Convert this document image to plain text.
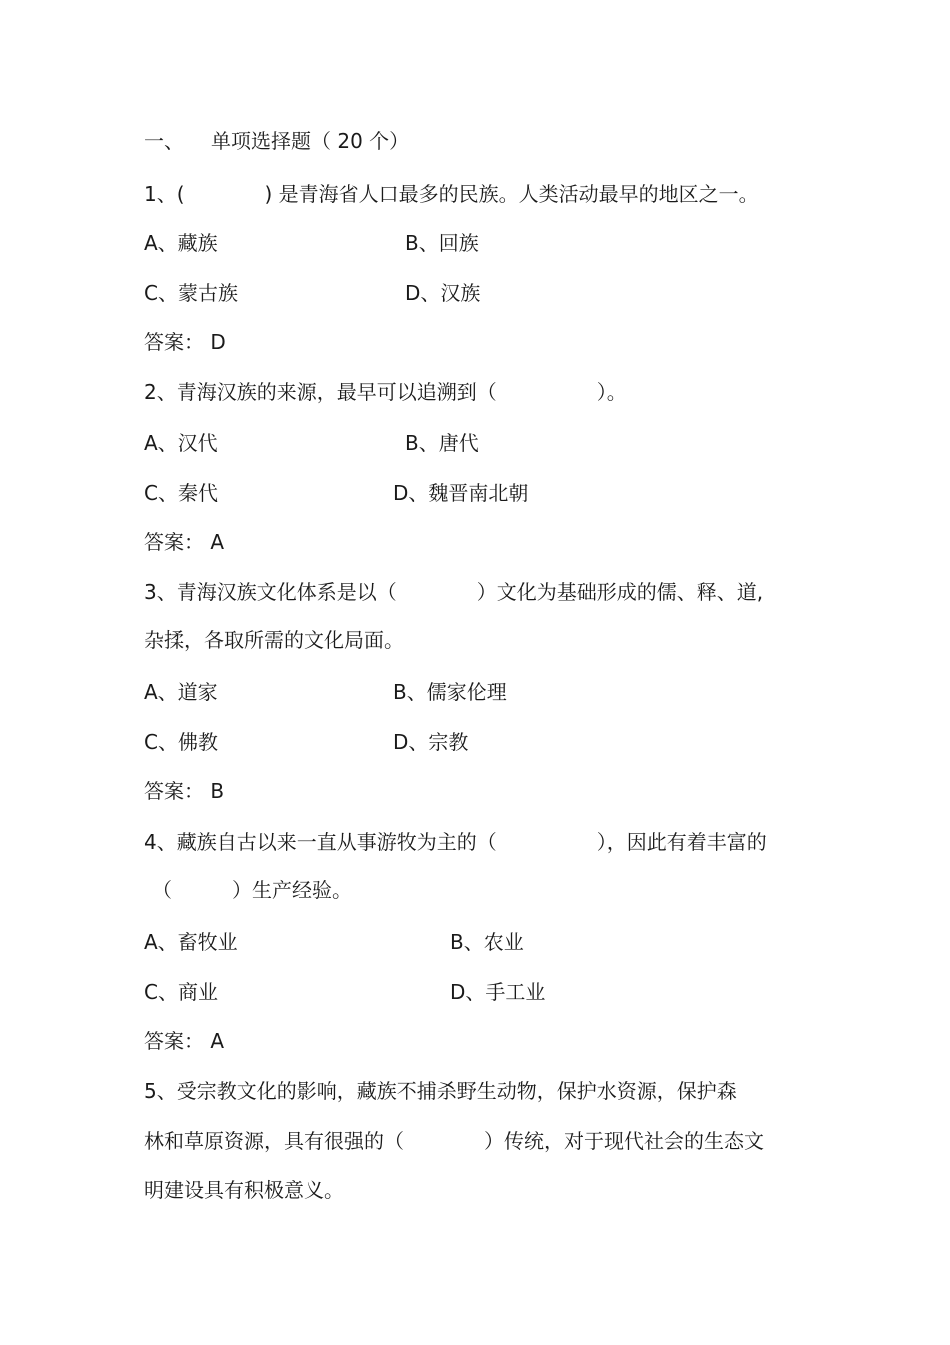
一、 单项选择题（ 20 个）
1、(　　　　) 是青海省人口最多的民族。人类活动最早的地区之一。
A、藏族	B、回族
C、蒙古族	D、汉族
答案： D
2、青海汉族的来源，最早可以追溯到（　　　　　）。
A、汉代	B、唐代
C、秦代	D、魏晋南北朝
答案： A
3、青海汉族文化体系是以（　　　　）文化为基础形成的儒、释、道,
杂揉，各取所需的文化局面。
A、道家	B、儒家伦理
C、佛教	D、宗教
答案： B
4、藏族自古以来一直从事游牧为主的（　　　　　），因此有着丰富的
（　　　）生产经验。
A、畜牧业	B、农业
C、商业	D、手工业
答案： A
5、受宗教文化的影响，藏族不捕杀野生动物，保护水资源，保护森
林和草原资源，具有很强的（　　　　）传统，对于现代社会的生态文
明建设具有积极意义。
